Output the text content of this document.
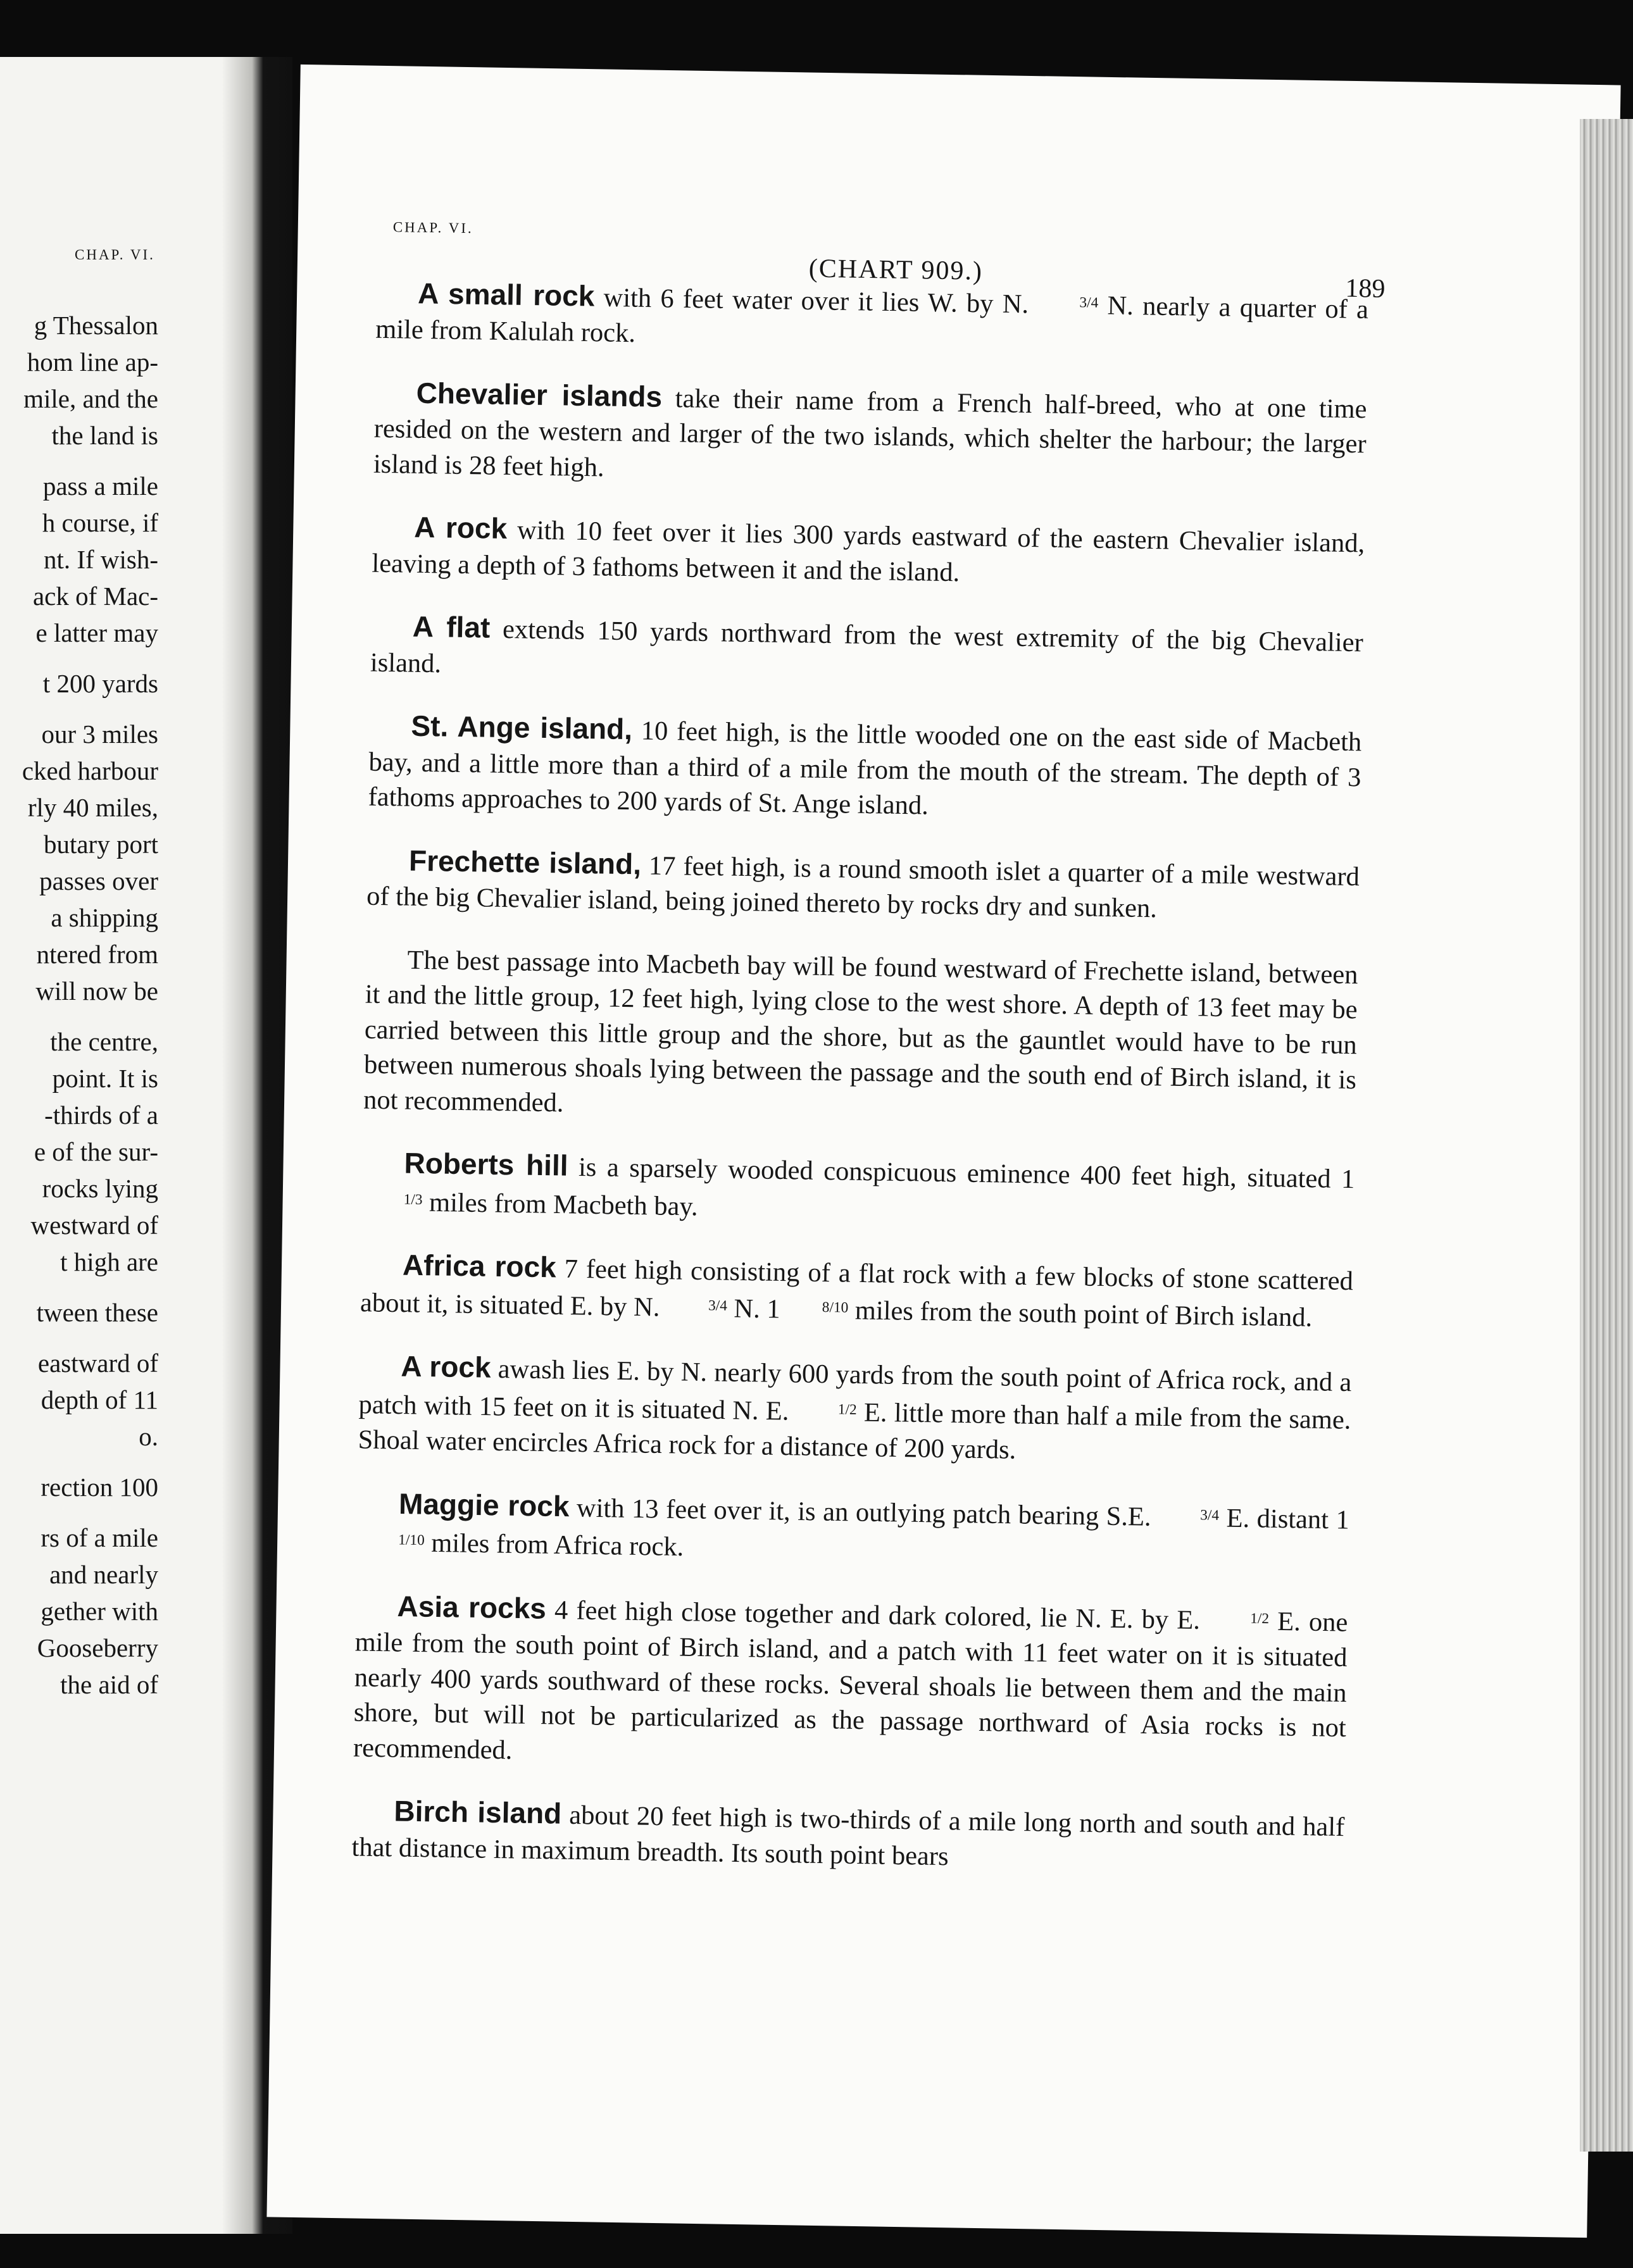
CHAP. VI.
g Thessalon
hom line ap-
mile, and the
the land is
pass a mile
h course, if
nt. If wish-
ack of Mac-
e latter may
t 200 yards
our 3 miles
cked harbour
rly 40 miles,
butary port
passes over
a shipping
ntered from
will now be
the centre,
point. It is
-thirds of a
e of the sur-
rocks lying
westward of
t high are
tween these
eastward of
depth of 11
o.
rection 100
rs of a mile
and nearly
gether with
Gooseberry
the aid of
CHAP. VI.
(CHART 909.)
189

A small rock with 6 feet water over it lies W. by N.	3/4 N. nearly a quarter of a mile from Kalulah rock.

Chevalier islands take their name from a French half-breed, who at one time resided on the western and larger of the two islands, which shelter the harbour; the larger island is 28 feet high.

A rock with 10 feet over it lies 300 yards eastward of the eastern Chevalier island, leaving a depth of 3 fathoms between it and the island.

A flat extends 150 yards northward from the west extremity of the big Chevalier island.

St. Ange island, 10 feet high, is the little wooded one on the east side of Macbeth bay, and a little more than a third of a mile from the mouth of the stream. The depth of 3 fathoms approaches to 200 yards of St. Ange island.

Frechette island, 17 feet high, is a round smooth islet a quarter of a mile westward of the big Chevalier island, being joined thereto by rocks dry and sunken.

The best passage into Macbeth bay will be found westward of Frechette island, between it and the little group, 12 feet high, lying close to the west shore. A depth of 13 feet may be carried between this little group and the shore, but as the gauntlet would have to be run between numerous shoals lying between the passage and the south end of Birch island, it is not recommended.

Roberts hill is a sparsely wooded conspicuous eminence 400 feet high, situated 11/3 miles from Macbeth bay.

Africa rock 7 feet high consisting of a flat rock with a few blocks of stone scattered about it, is situated E. by N.	3/4 N. 1	8/10 miles from the south point of Birch island.

A rock awash lies E. by N. nearly 600 yards from the south point of Africa rock, and a patch with 15 feet on it is situated N. E.	1/2 E. little more than half a mile from the same. Shoal water encircles Africa rock for a distance of 200 yards.

Maggie rock with 13 feet over it, is an outlying patch bearing S.E.	3/4 E. distant 11/10 miles from Africa rock.

Asia rocks 4 feet high close together and dark colored, lie N. E. by E.	1/2 E. one mile from the south point of Birch island, and a patch with 11 feet water on it is situated nearly 400 yards southward of these rocks. Several shoals lie between them and the main shore, but will not be particularized as the passage northward of Asia rocks is not recommended.

Birch island about 20 feet high is two-thirds of a mile long north and south and half that distance in maximum breadth. Its south point bears
